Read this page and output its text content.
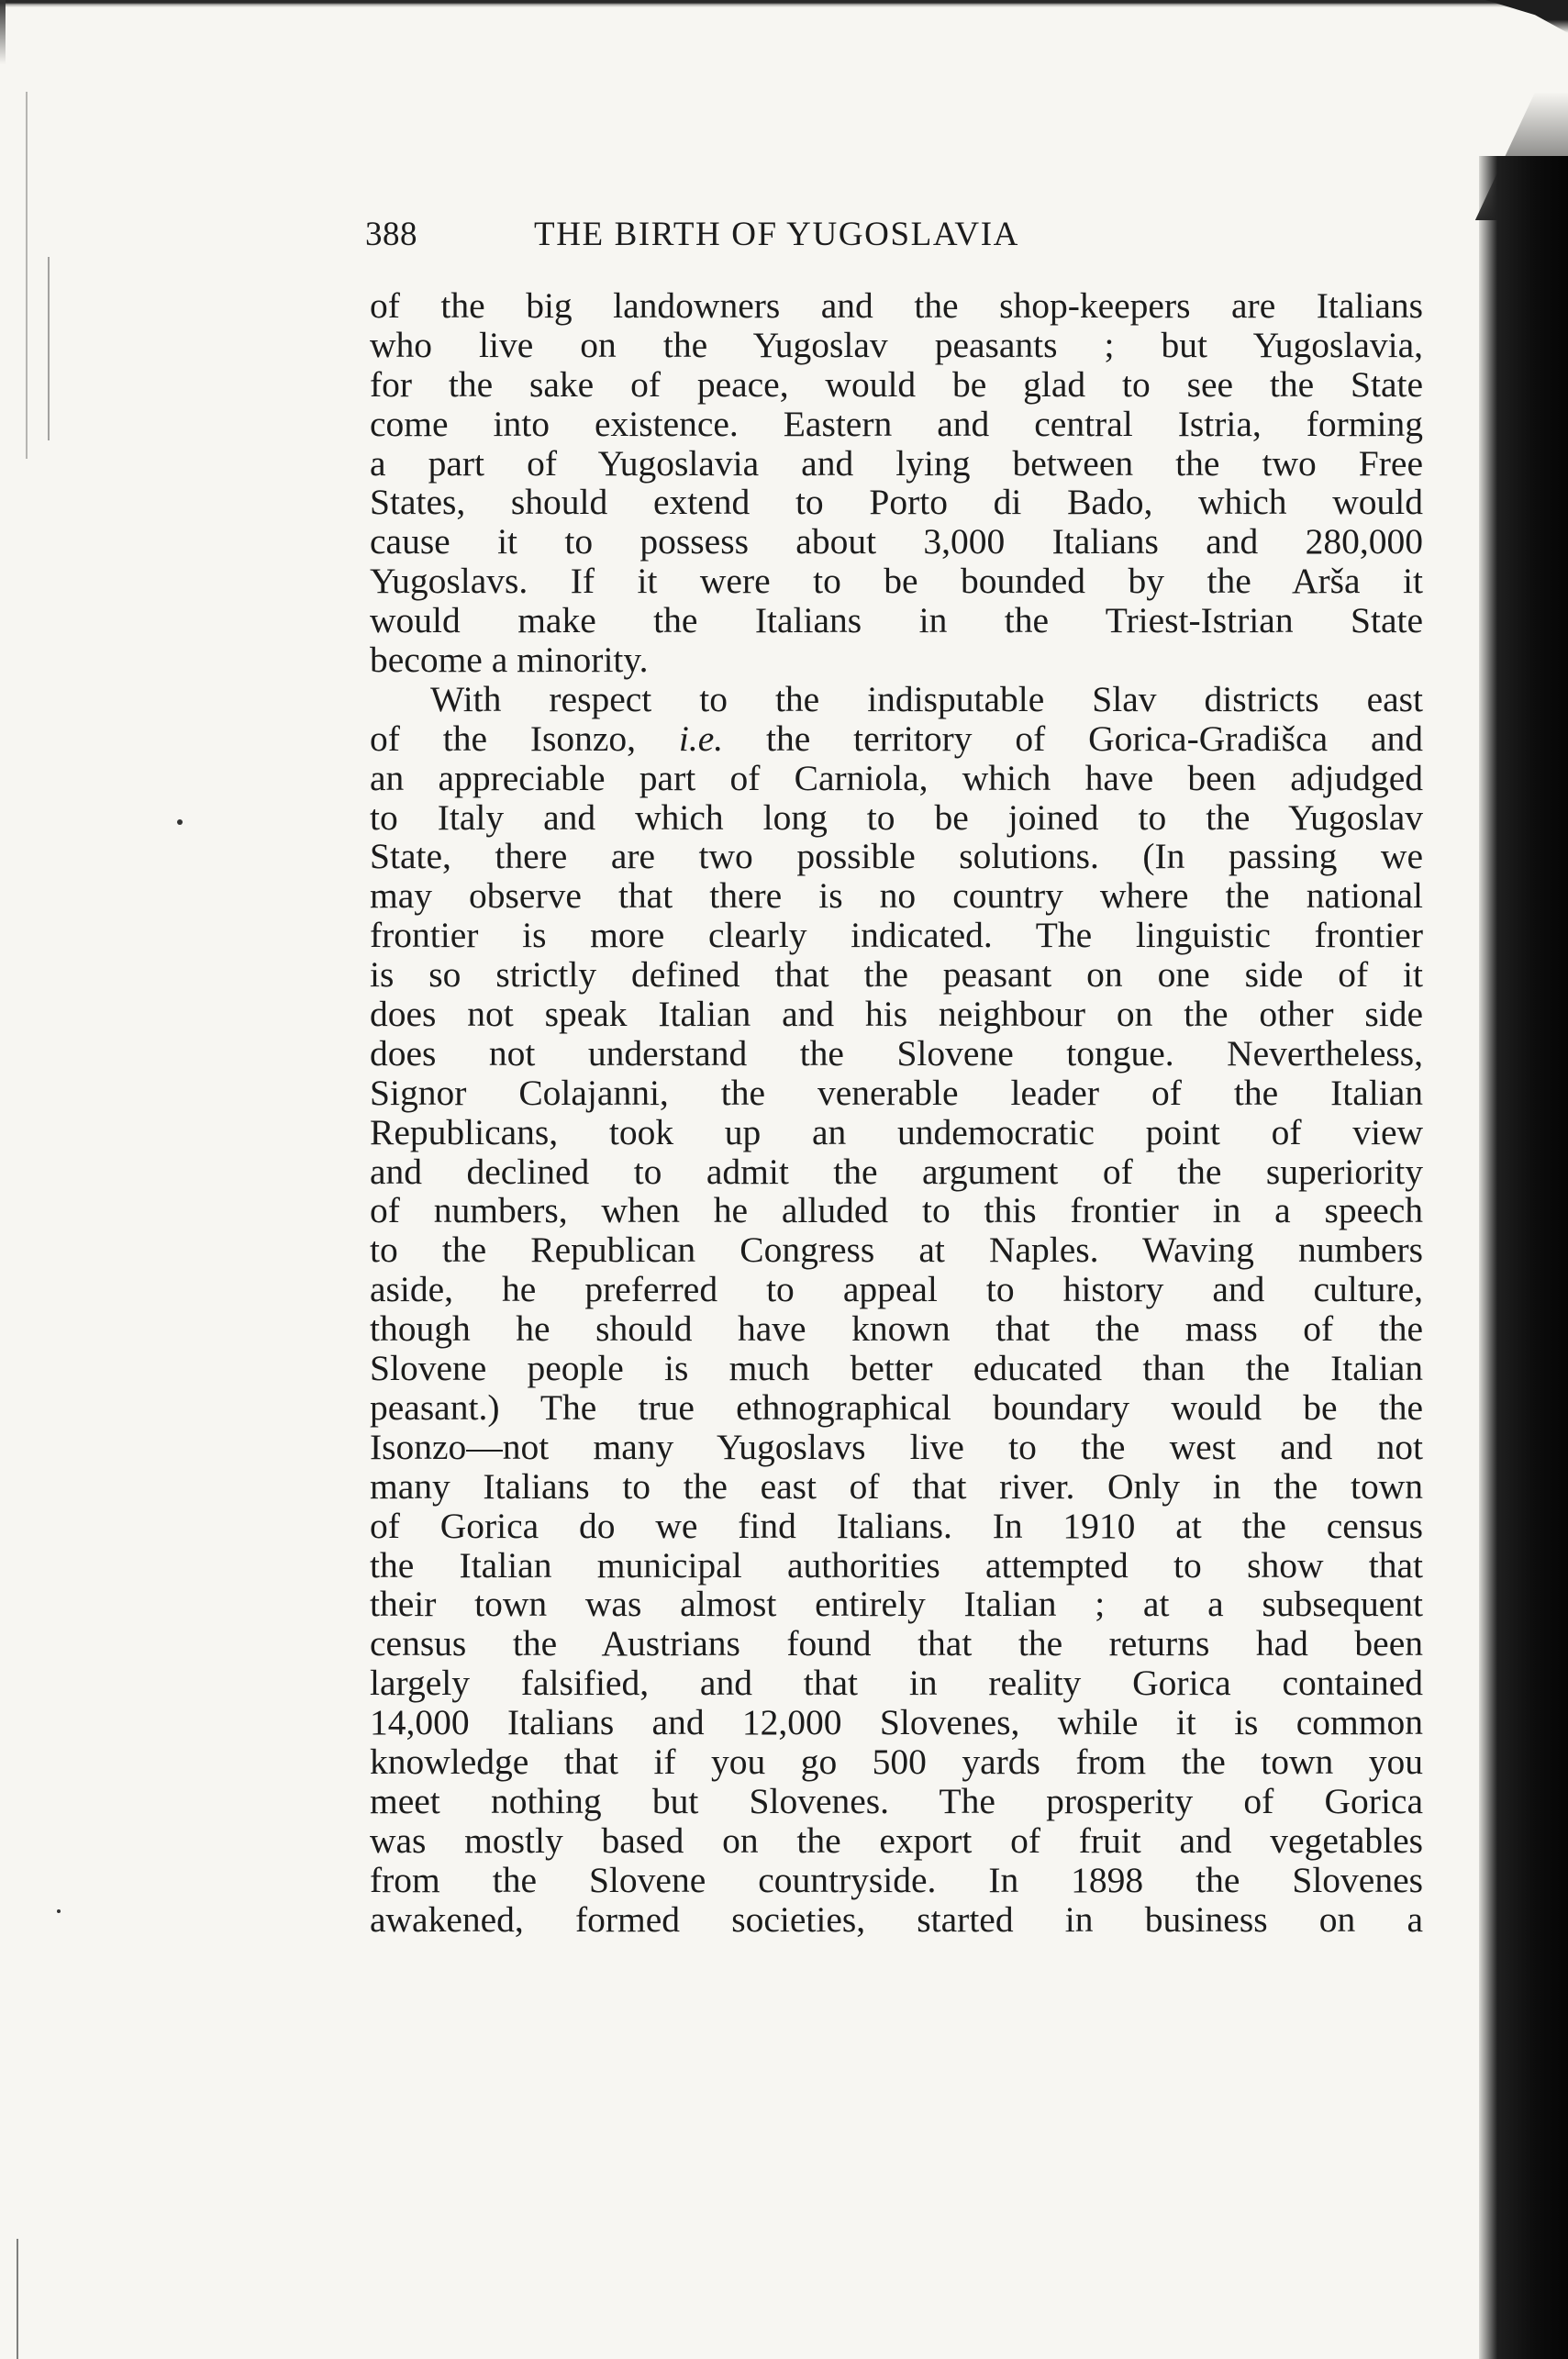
388	THE BIRTH OF YUGOSLAVIA
of the big landowners and the shop-keepers are Italians
who live on the Yugoslav peasants ; but Yugoslavia,
for the sake of peace, would be glad to see the State
come into existence. Eastern and central Istria, forming
a part of Yugoslavia and lying between the two Free
States, should extend to Porto di Bado, which would
cause it to possess about 3,000 Italians and 280,000
Yugoslavs. If it were to be bounded by the Arša it
would make the Italians in the Triest-Istrian State
become a minority.
With respect to the indisputable Slav districts east
of the Isonzo, i.e. the territory of Gorica-Gradišca and
an appreciable part of Carniola, which have been adjudged
to Italy and which long to be joined to the Yugoslav
State, there are two possible solutions. (In passing we
may observe that there is no country where the national
frontier is more clearly indicated. The linguistic frontier
is so strictly defined that the peasant on one side of it
does not speak Italian and his neighbour on the other side
does not understand the Slovene tongue. Nevertheless,
Signor Colajanni, the venerable leader of the Italian
Republicans, took up an undemocratic point of view
and declined to admit the argument of the superiority
of numbers, when he alluded to this frontier in a speech
to the Republican Congress at Naples. Waving numbers
aside, he preferred to appeal to history and culture,
though he should have known that the mass of the
Slovene people is much better educated than the Italian
peasant.) The true ethnographical boundary would be the
Isonzo—not many Yugoslavs live to the west and not
many Italians to the east of that river. Only in the town
of Gorica do we find Italians. In 1910 at the census
the Italian municipal authorities attempted to show that
their town was almost entirely Italian ; at a subsequent
census the Austrians found that the returns had been
largely falsified, and that in reality Gorica contained
14,000 Italians and 12,000 Slovenes, while it is common
knowledge that if you go 500 yards from the town you
meet nothing but Slovenes. The prosperity of Gorica
was mostly based on the export of fruit and vegetables
from the Slovene countryside. In 1898 the Slovenes
awakened, formed societies, started in business on a
